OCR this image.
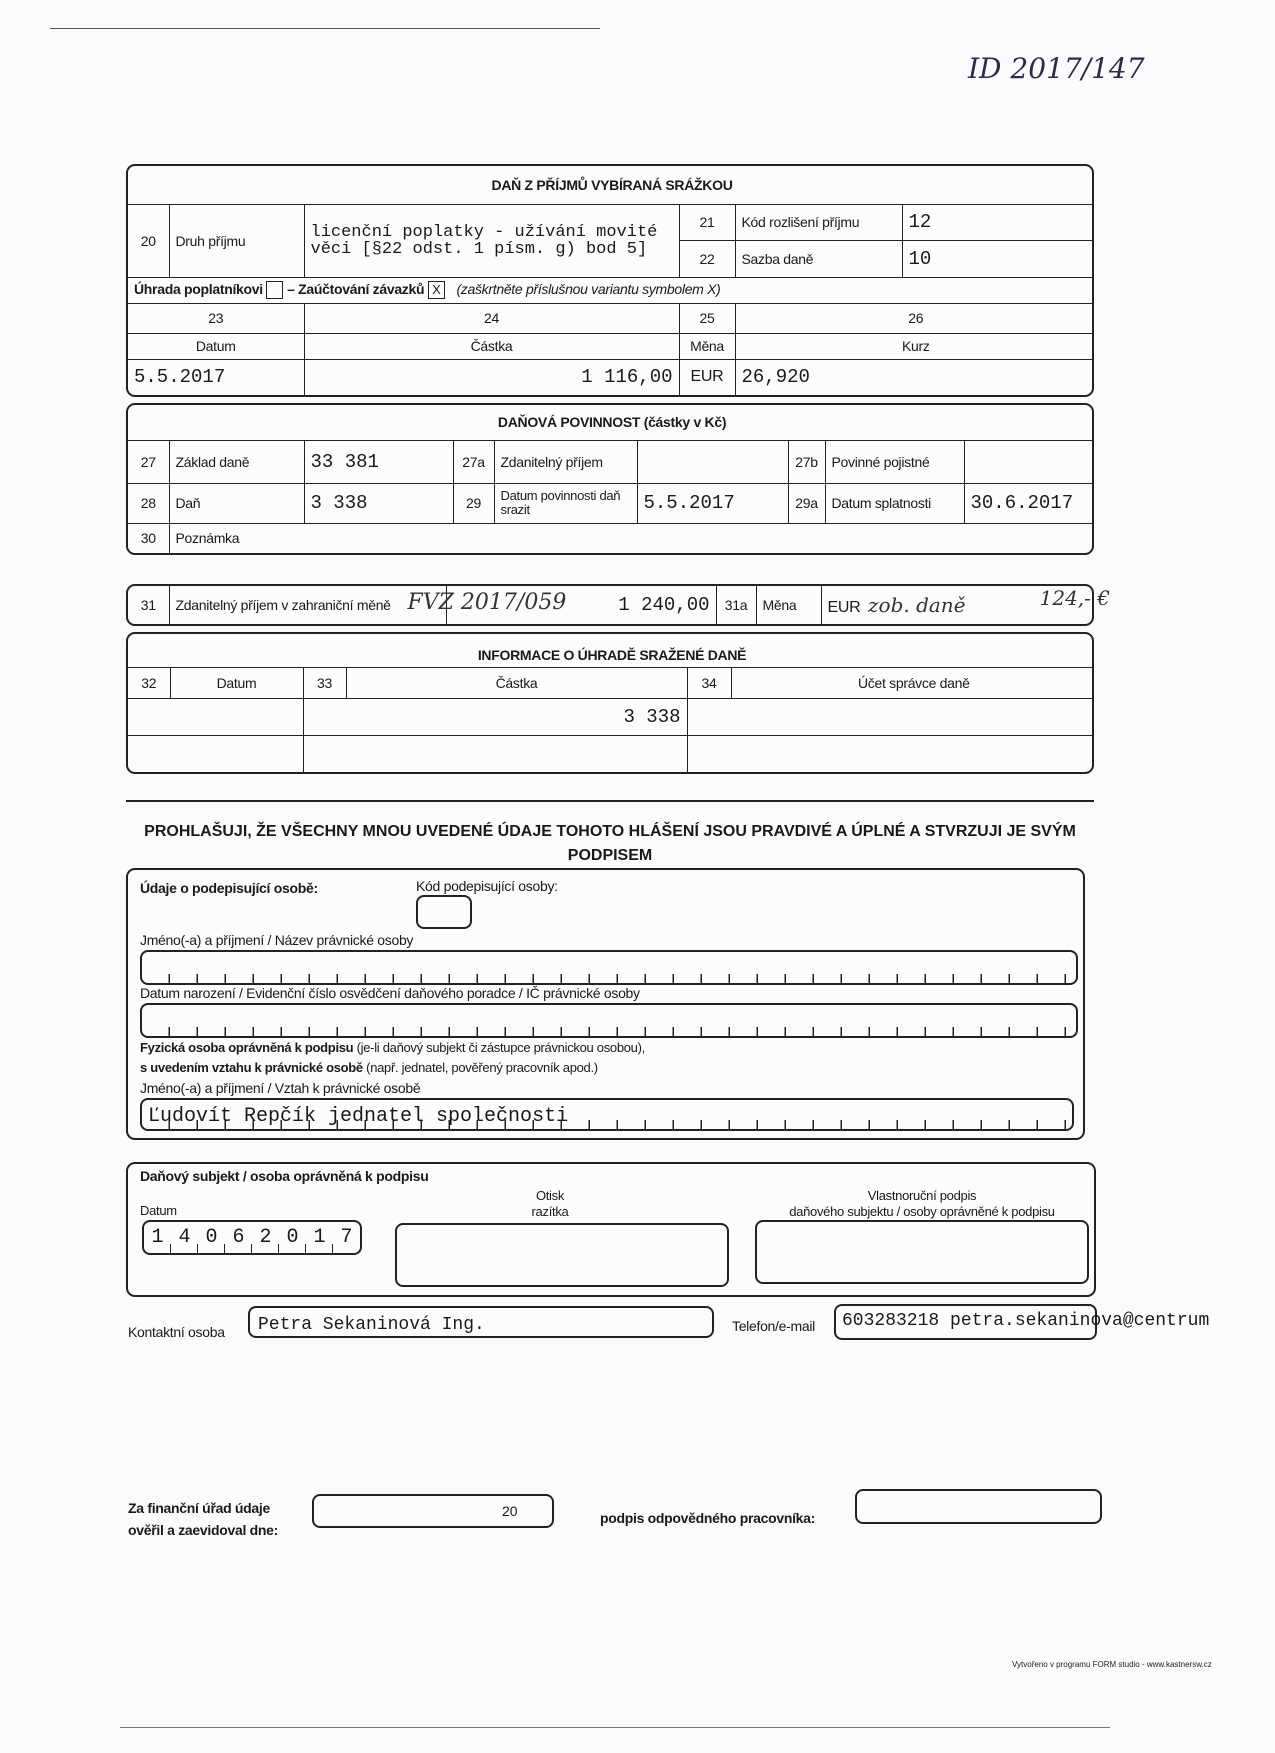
ID 2017/147
DAŇ Z PŘÍJMŮ VYBÍRANÁ SRÁŽKOU					
20	Druh příjmu	licenční poplatky - užívání movité věci [§22 odst. 1 písm. g) bod 5]	21	Kód rozlišení příjmu	12
			22	Sazba daně	10
Úhrada poplatníkovi – Zaúčtování závazků X (zaškrtněte příslušnou variantu symbolem X)					
23		24	25	26	
Datum		Částka	Měna	Kurz	
5.5.2017		1 116,00	EUR	26,920	
DAŇOVÁ POVINNOST (částky v Kč)								
27	Základ daně	33 381	27a	Zdanitelný příjem		27b	Povinné pojistné	
28	Daň	3 338	29	Datum povinnosti daň srazit	5.5.2017	29a	Datum splatnosti	30.6.2017
30	Poznámka							
31	Zdanitelný příjem v zahraniční měně FVZ 2017/059	1 240,00	31a	Měna	EUR zob. daně	124,- €
INFORMACE O ÚHRADĚ SRAŽENÉ DANĚ					
32	Datum	33	Částka	34	Účet správce daně
		3 338			

PROHLAŠUJI, ŽE VŠECHNY MNOU UVEDENÉ ÚDAJE TOHOTO HLÁŠENÍ JSOU PRAVDIVÉ A ÚPLNÉ A STVRZUJI JE SVÝM PODPISEM
Údaje o podepisující osobě:	Kód podepisující osoby:
Jméno(-a) a příjmení / Název právnické osoby
Datum narození / Evidenční číslo osvědčení daňového poradce / IČ právnické osoby
Fyzická osoba oprávněná k podpisu (je-li daňový subjekt či zástupce právnickou osobou),
s uvedením vztahu k právnické osobě (např. jednatel, pověřený pracovník apod.)
Jméno(-a) a příjmení / Vztah k právnické osobě
Ľudovít Repčík jednatel společnosti
Daňový subjekt / osoba oprávněná k podpisu
Datum
1 4 0 6 2 0 1 7
Otisk
razítka
Vlastnoruční podpis
daňového subjektu / osoby oprávněné k podpisu
Kontaktní osoba	Petra Sekaninová Ing.	Telefon/e-mail 603283218 petra.sekaninova@centrum
Za finanční úřad údaje
ověřil a zaevidoval dne:
20	podpis odpovědného pracovníka:
Vytvořeno v programu FORM studio - www.kastnersw.cz
